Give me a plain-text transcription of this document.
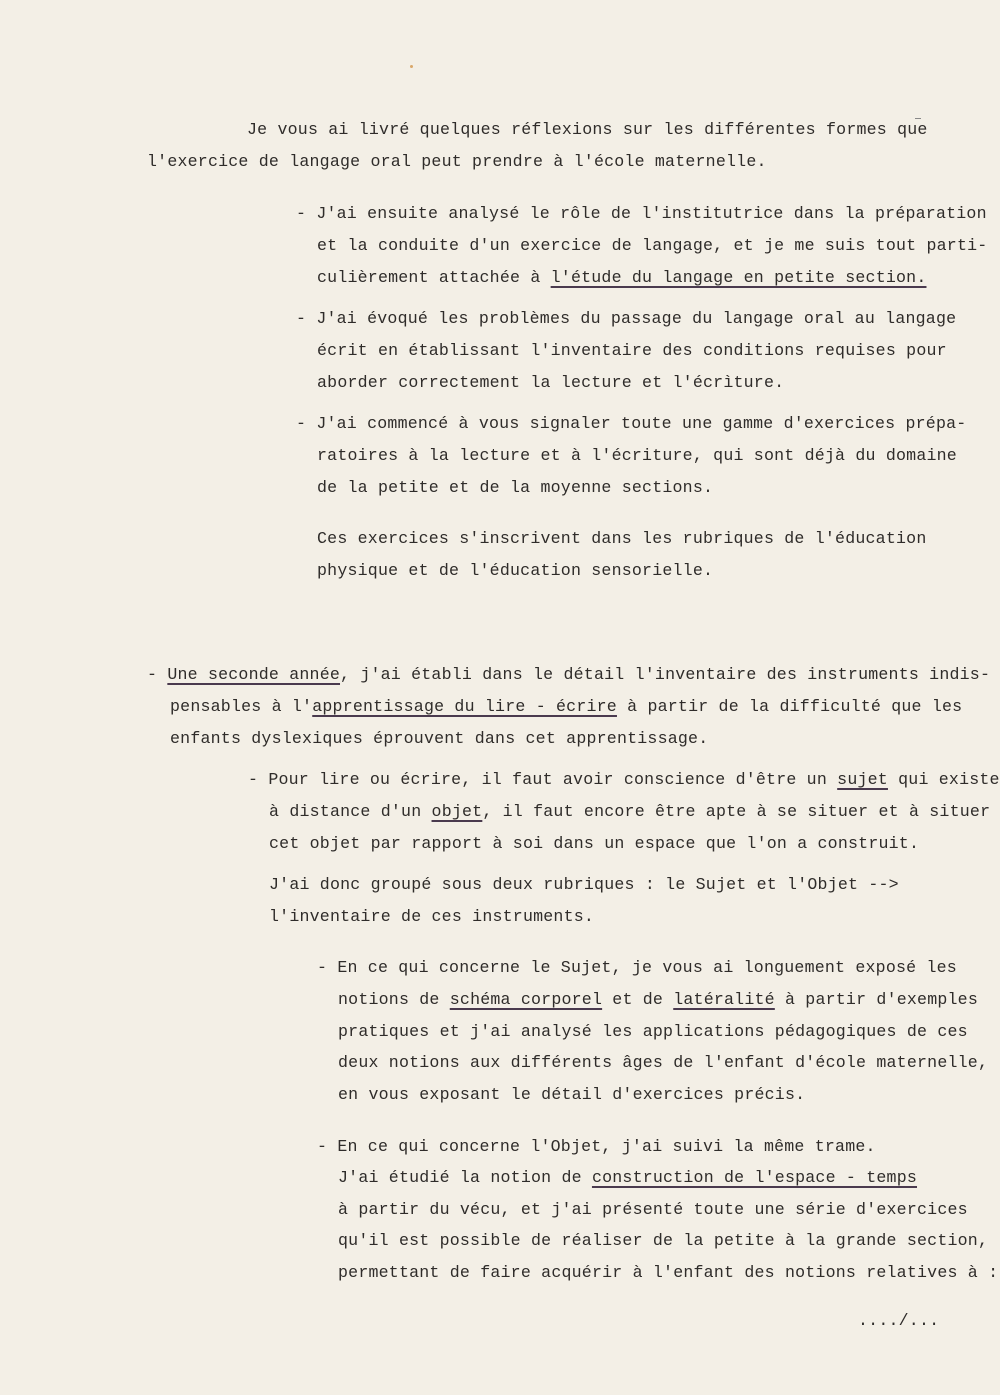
Je vous ai livré quelques réflexions sur les différentes formes que
l'exercice de langage oral peut prendre à l'école maternelle.
- J'ai ensuite analysé le rôle de l'institutrice dans la préparation
et la conduite d'un exercice de langage, et je me suis tout parti-
culièrement attachée à l'étude du langage en petite section.
- J'ai évoqué les problèmes du passage du langage oral au langage
écrit en établissant l'inventaire des conditions requises pour
aborder correctement la lecture et l'écrìture.
- J'ai commencé à vous signaler toute une gamme d'exercices prépa-
ratoires à la lecture et à l'écriture, qui sont déjà du domaine
de la petite et de la moyenne sections.
Ces exercices s'inscrivent dans les rubriques de l'éducation
physique et de l'éducation sensorielle.
- Une seconde année, j'ai établi dans le détail l'inventaire des instruments indis-
pensables à l'apprentissage du lire - écrire à partir de la difficulté que les
enfants dyslexiques éprouvent dans cet apprentissage.
- Pour lire ou écrire, il faut avoir conscience d'être un sujet qui existe
à distance d'un objet, il faut encore être apte à se situer et à situer
cet objet par rapport à soi dans un espace que l'on a construit.
J'ai donc groupé sous deux rubriques : le Sujet et l'Objet -->
l'inventaire de ces instruments.
- En ce qui concerne le Sujet, je vous ai longuement exposé les
notions de schéma corporel et de latéralité à partir d'exemples
pratiques et j'ai analysé les applications pédagogiques de ces
deux notions aux différents âges de l'enfant d'école maternelle,
en vous exposant le détail d'exercices précis.
- En ce qui concerne l'Objet, j'ai suivi la même trame.
J'ai étudié la notion de construction de l'espace - temps
à partir du vécu, et j'ai présenté toute une série d'exercices
qu'il est possible de réaliser de la petite à la grande section,
permettant de faire acquérir à l'enfant des notions relatives à :
..../...
